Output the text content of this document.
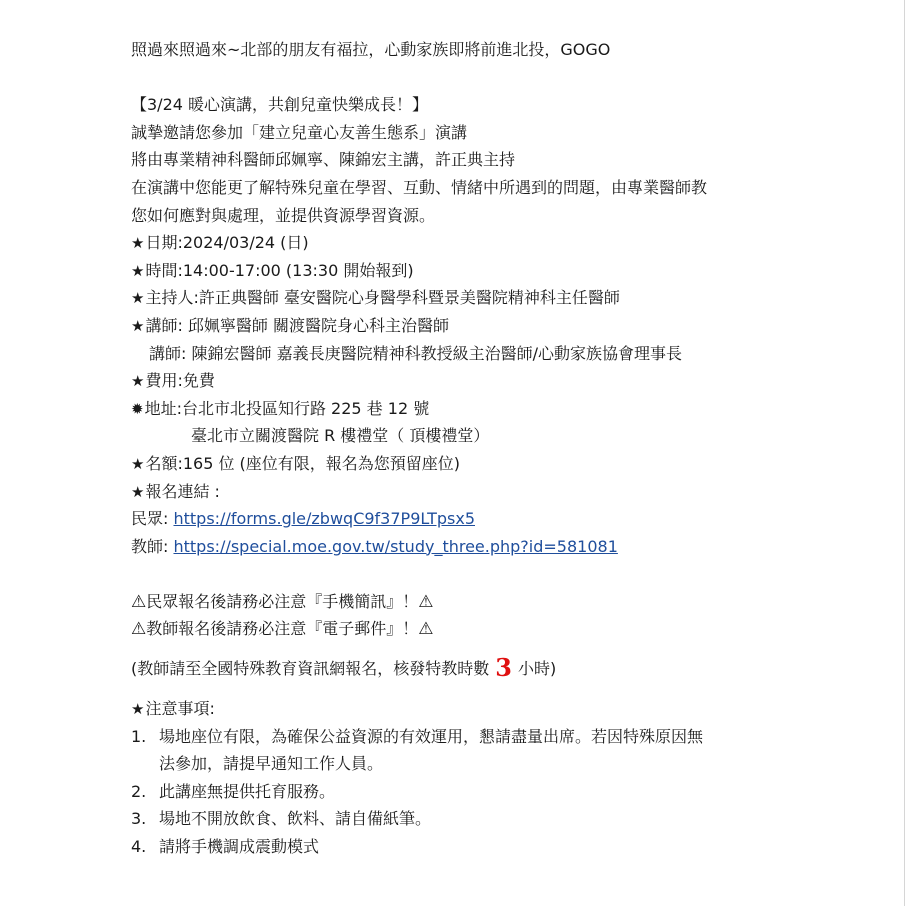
照過來照過來~北部的朋友有福拉，心動家族即將前進北投，GOGO
【3/24 暖心演講，共創兒童快樂成長！】
誠摯邀請您參加「建立兒童心友善生態系」演講
將由專業精神科醫師邱姵寧、陳錦宏主講，許正典主持
在演講中您能更了解特殊兒童在學習、互動、情緒中所遇到的問題，由專業醫師教
您如何應對與處理，並提供資源學習資源。
★日期:2024/03/24 (日)
★時間:14:00-17:00 (13:30 開始報到)
★主持人:許正典醫師 臺安醫院心身醫學科暨景美醫院精神科主任醫師
★講師: 邱姵寧醫師 關渡醫院身心科主治醫師
講師: 陳錦宏醫師 嘉義長庚醫院精神科教授級主治醫師/心動家族協會理事長
★費用:免費
✹地址:台北市北投區知行路 225 巷 12 號
臺北市立關渡醫院 R 樓禮堂（ 頂樓禮堂）
★名額:165 位 (座位有限，報名為您預留座位)
★報名連結 :
民眾: https://forms.gle/zbwqC9f37P9LTpsx5
教師: https://special.moe.gov.tw/study_three.php?id=581081
⚠民眾報名後請務必注意『手機簡訊』！⚠
⚠教師報名後請務必注意『電子郵件』！⚠
(教師請至全國特殊教育資訊網報名，核發特教時數 3 小時)
★注意事項:
1. 場地座位有限，為確保公益資源的有效運用，懇請盡量出席。若因特殊原因無
法參加，請提早通知工作人員。
2. 此講座無提供托育服務。
3. 場地不開放飲食、飲料、請自備紙筆。
4. 請將手機調成震動模式
